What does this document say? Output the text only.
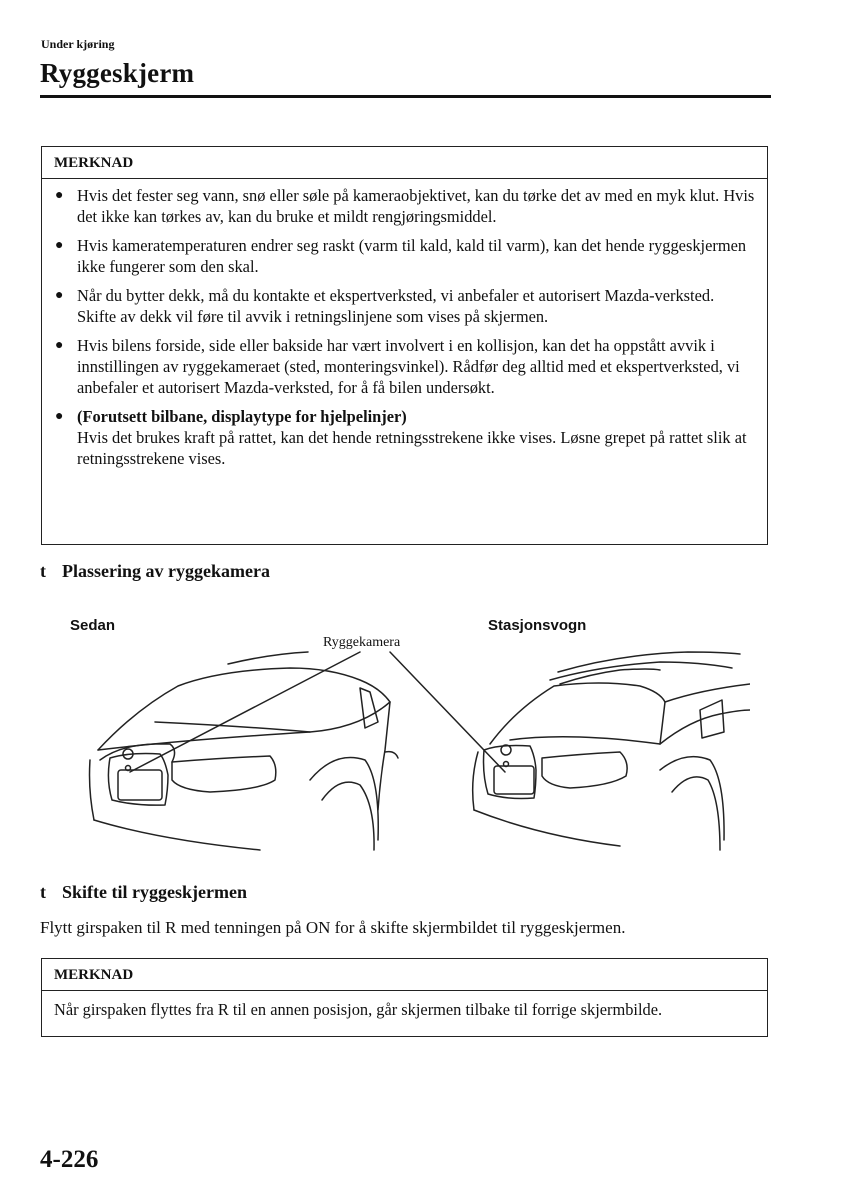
Under kjøring
Ryggeskjerm
MERKNAD
● Hvis det fester seg vann, snø eller søle på kameraobjektivet, kan du tørke det av med en myk klut. Hvis det ikke kan tørkes av, kan du bruke et mildt rengjøringsmiddel.
● Hvis kameratemperaturen endrer seg raskt (varm til kald, kald til varm), kan det hende ryggeskjermen ikke fungerer som den skal.
● Når du bytter dekk, må du kontakte et ekspertverksted, vi anbefaler et autorisert Mazda-verksted. Skifte av dekk vil føre til avvik i retningslinjene som vises på skjermen.
● Hvis bilens forside, side eller bakside har vært involvert i en kollisjon, kan det ha oppstått avvik i innstillingen av ryggekameraet (sted, monteringsvinkel). Rådfør deg alltid med et ekspertverksted, vi anbefaler et autorisert Mazda-verksted, for å få bilen undersøkt.
● (Forutsett bilbane, displaytype for hjelpelinjer)
Hvis det brukes kraft på rattet, kan det hende retningsstrekene ikke vises. Løsne grepet på rattet slik at retningsstrekene vises.
t Plassering av ryggekamera
Sedan	Stasjonsvogn
Ryggekamera
t Skifte til ryggeskjermen
Flytt girspaken til R med tenningen på ON for å skifte skjermbildet til ryggeskjermen.
MERKNAD
Når girspaken flyttes fra R til en annen posisjon, går skjermen tilbake til forrige skjermbilde.
4-226
